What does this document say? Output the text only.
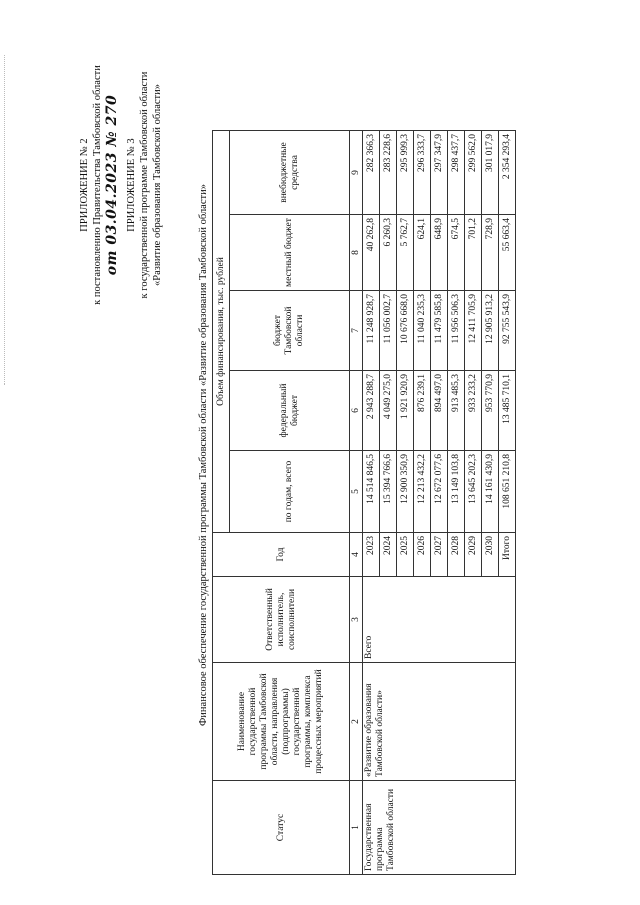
ПРИЛОЖЕНИЕ № 2 к постановлению Правительства Тамбовской области от 03.04.2023 № 270 ПРИЛОЖЕНИЕ № 3 к государственной программе Тамбовской области «Развитие образования Тамбовской области»	Финансовое обеспечение государственной программы Тамбовской области «Развитие образования Тамбовской области»
Статус	Наименование государственной программы Тамбовской области, направления (подпрограммы) государственной программы, комплекса процессных мероприятий	Ответственный исполнитель, соисполнители	Год	Объем финансирования, тыс. рублей				
				по годам, всего	федеральный бюджет	бюджет Тамбовской области	местный бюджет	внебюджетные средства
1	2	3	4	5	6	7	8	9
Государственная программа Тамбовской области	«Развитие образования Тамбовской области»	Всего	2023	14 514 846,5	2 943 288,7	11 248 928,7	40 262,8	282 366,3
			2024	15 394 766,6	4 049 275,0	11 056 002,7	6 260,3	283 228,6
			2025	12 900 350,9	1 921 920,9	10 676 668,0	5 762,7	295 999,3
			2026	12 213 432,2	876 239,1	11 040 235,3	624,1	296 333,7
			2027	12 672 077,6	894 497,0	11 479 585,8	648,9	297 347,9
			2028	13 149 103,8	913 485,3	11 956 506,3	674,5	298 437,7
			2029	13 645 202,3	933 233,2	12 411 705,9	701,2	299 562,0
			2030	14 161 430,9	953 770,9	12 905 913,2	728,9	301 017,9
			Итого	108 651 210,8	13 485 710,1	92 755 543,9	55 663,4	2 354 293,4
